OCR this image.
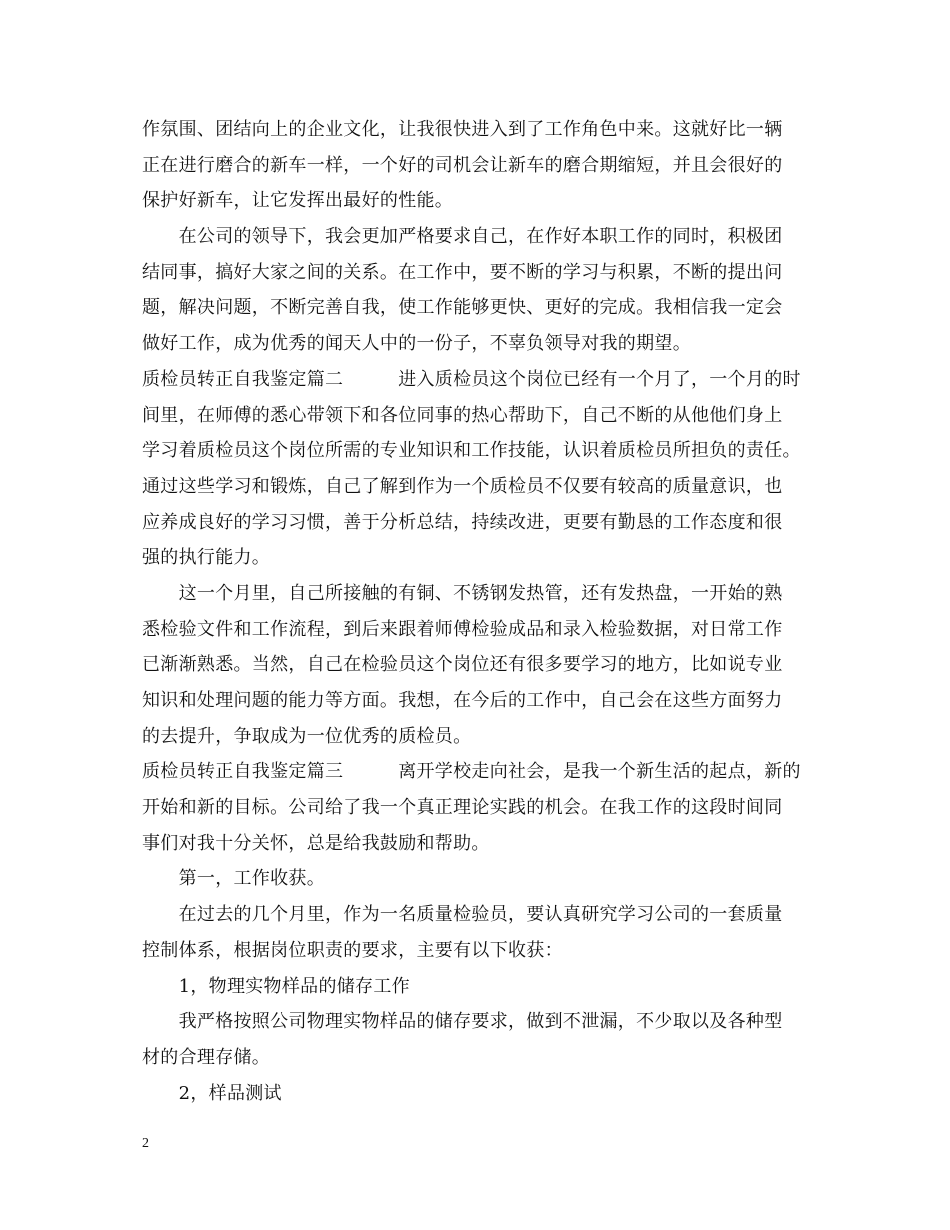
作氛围、团结向上的企业文化，让我很快进入到了工作角色中来。这就好比一辆
正在进行磨合的新车一样，一个好的司机会让新车的磨合期缩短，并且会很好的
保护好新车，让它发挥出最好的性能。
　　在公司的领导下，我会更加严格要求自己，在作好本职工作的同时，积极团
结同事，搞好大家之间的关系。在工作中，要不断的学习与积累，不断的提出问
题，解决问题，不断完善自我，使工作能够更快、更好的完成。我相信我一定会
做好工作，成为优秀的闻天人中的一份子，不辜负领导对我的期望。
质检员转正自我鉴定篇二　　　进入质检员这个岗位已经有一个月了，一个月的时
间里，在师傅的悉心带领下和各位同事的热心帮助下，自己不断的从他他们身上
学习着质检员这个岗位所需的专业知识和工作技能，认识着质检员所担负的责任。
通过这些学习和锻炼，自己了解到作为一个质检员不仅要有较高的质量意识，也
应养成良好的学习习惯，善于分析总结，持续改进，更要有勤恳的工作态度和很
强的执行能力。
　　这一个月里，自己所接触的有铜、不锈钢发热管，还有发热盘，一开始的熟
悉检验文件和工作流程，到后来跟着师傅检验成品和录入检验数据，对日常工作
已渐渐熟悉。当然，自己在检验员这个岗位还有很多要学习的地方，比如说专业
知识和处理问题的能力等方面。我想，在今后的工作中，自己会在这些方面努力
的去提升，争取成为一位优秀的质检员。
质检员转正自我鉴定篇三　　　离开学校走向社会，是我一个新生活的起点，新的
开始和新的目标。公司给了我一个真正理论实践的机会。在我工作的这段时间同
事们对我十分关怀，总是给我鼓励和帮助。
　　第一，工作收获。
　　在过去的几个月里，作为一名质量检验员，要认真研究学习公司的一套质量
控制体系，根据岗位职责的要求，主要有以下收获：
　　1，物理实物样品的储存工作
　　我严格按照公司物理实物样品的储存要求，做到不泄漏，不少取以及各种型
材的合理存储。
　　2，样品测试
2
